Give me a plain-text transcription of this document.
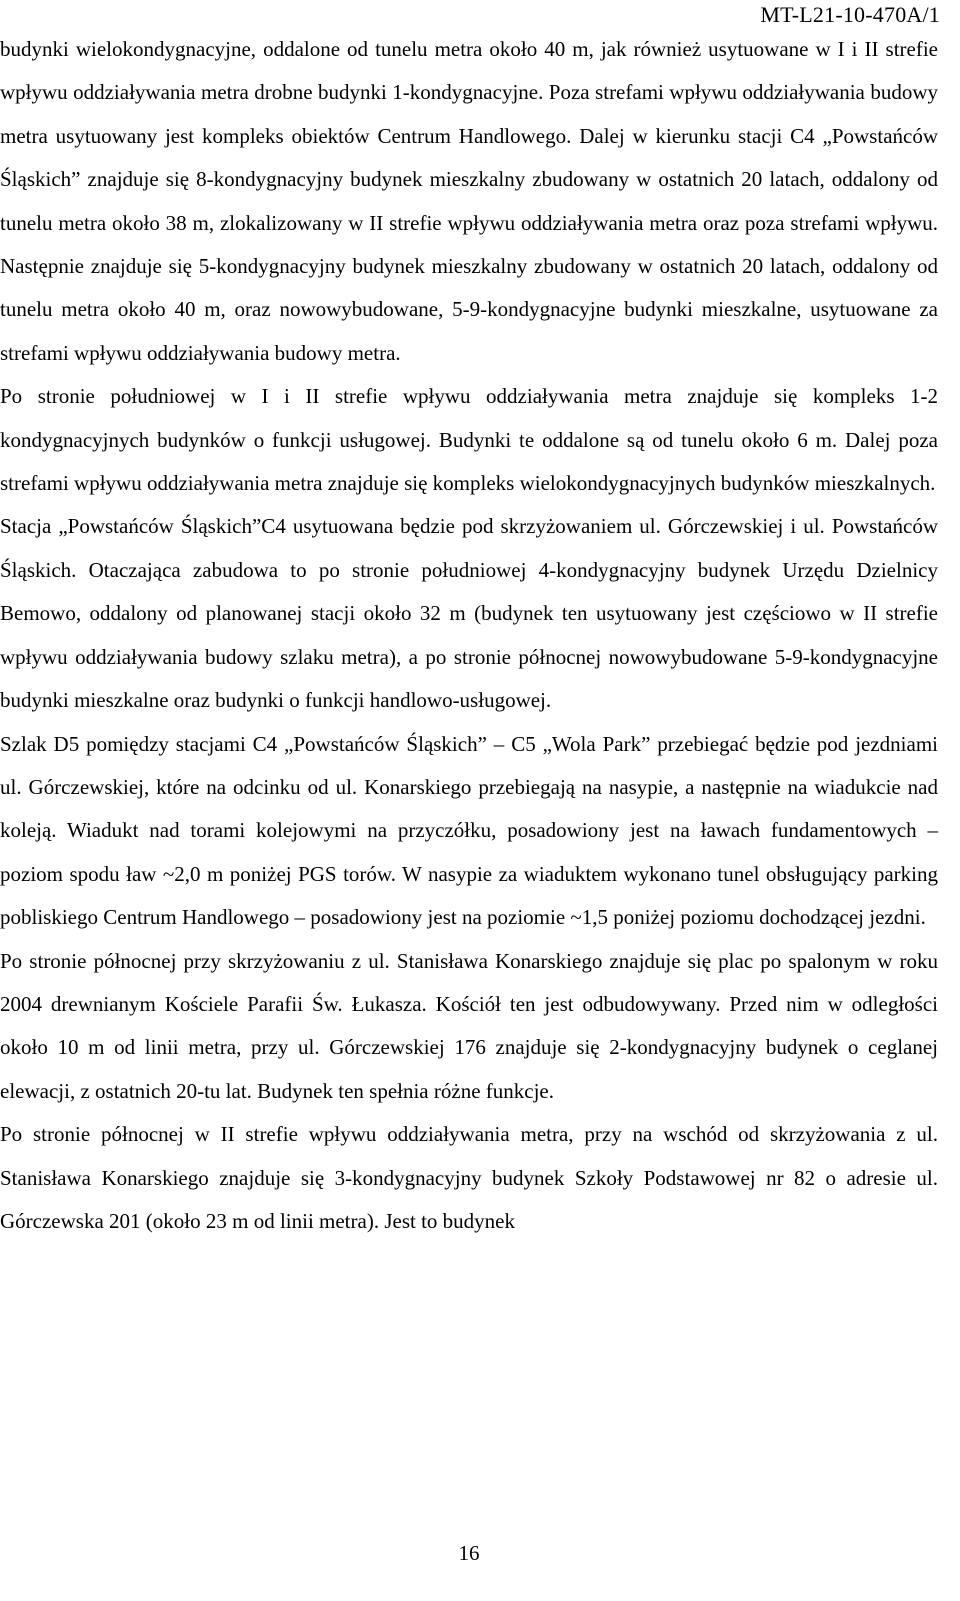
MT-L21-10-470A/1

budynki wielokondygnacyjne, oddalone od tunelu metra około 40 m, jak również usytuowane w I i II strefie wpływu oddziaływania metra drobne budynki 1-kondygnacyjne. Poza strefami wpływu oddziaływania budowy metra usytuowany jest kompleks obiektów Centrum Handlowego. Dalej w kierunku stacji C4 „Powstańców Śląskich” znajduje się 8-kondygnacyjny budynek mieszkalny zbudowany w ostatnich 20 latach, oddalony od tunelu metra około 38 m, zlokalizowany w II strefie wpływu oddziaływania metra oraz poza strefami wpływu. Następnie znajduje się 5-kondygnacyjny budynek mieszkalny zbudowany w ostatnich 20 latach, oddalony od tunelu metra około 40 m, oraz nowowybudowane, 5-9-kondygnacyjne budynki mieszkalne, usytuowane za strefami wpływu oddziaływania budowy metra.

Po stronie południowej w I i II strefie wpływu oddziaływania metra znajduje się kompleks 1-2 kondygnacyjnych budynków o funkcji usługowej. Budynki te oddalone są od tunelu około 6 m. Dalej poza strefami wpływu oddziaływania metra znajduje się kompleks wielokondygnacyjnych budynków mieszkalnych.

Stacja „Powstańców Śląskich”C4 usytuowana będzie pod skrzyżowaniem ul. Górczewskiej i ul. Powstańców Śląskich. Otaczająca zabudowa to po stronie południowej 4-kondygnacyjny budynek Urzędu Dzielnicy Bemowo, oddalony od planowanej stacji około 32 m (budynek ten usytuowany jest częściowo w II strefie wpływu oddziaływania budowy szlaku metra), a po stronie północnej nowowybudowane 5-9-kondygnacyjne budynki mieszkalne oraz budynki o funkcji handlowo-usługowej.

Szlak D5 pomiędzy stacjami C4 „Powstańców Śląskich” – C5 „Wola Park” przebiegać będzie pod jezdniami ul. Górczewskiej, które na odcinku od ul. Konarskiego przebiegają na nasypie, a następnie na wiadukcie nad koleją. Wiadukt nad torami kolejowymi na przyczółku, posadowiony jest na ławach fundamentowych – poziom spodu ław ~2,0 m poniżej PGS torów. W nasypie za wiaduktem wykonano tunel obsługujący parking pobliskiego Centrum Handlowego – posadowiony jest na poziomie ~1,5 poniżej poziomu dochodzącej jezdni.

Po stronie północnej przy skrzyżowaniu z ul. Stanisława Konarskiego znajduje się plac po spalonym w roku 2004 drewnianym Kościele Parafii Św. Łukasza. Kościół ten jest odbudowywany. Przed nim w odległości około 10 m od linii metra, przy ul. Górczewskiej 176 znajduje się 2-kondygnacyjny budynek o ceglanej elewacji, z ostatnich 20-tu lat. Budynek ten spełnia różne funkcje.

Po stronie północnej w II strefie wpływu oddziaływania metra, przy na wschód od skrzyżowania z ul. Stanisława Konarskiego znajduje się 3-kondygnacyjny budynek Szkoły Podstawowej nr 82 o adresie ul. Górczewska 201 (około 23 m od linii metra). Jest to budynek

16
